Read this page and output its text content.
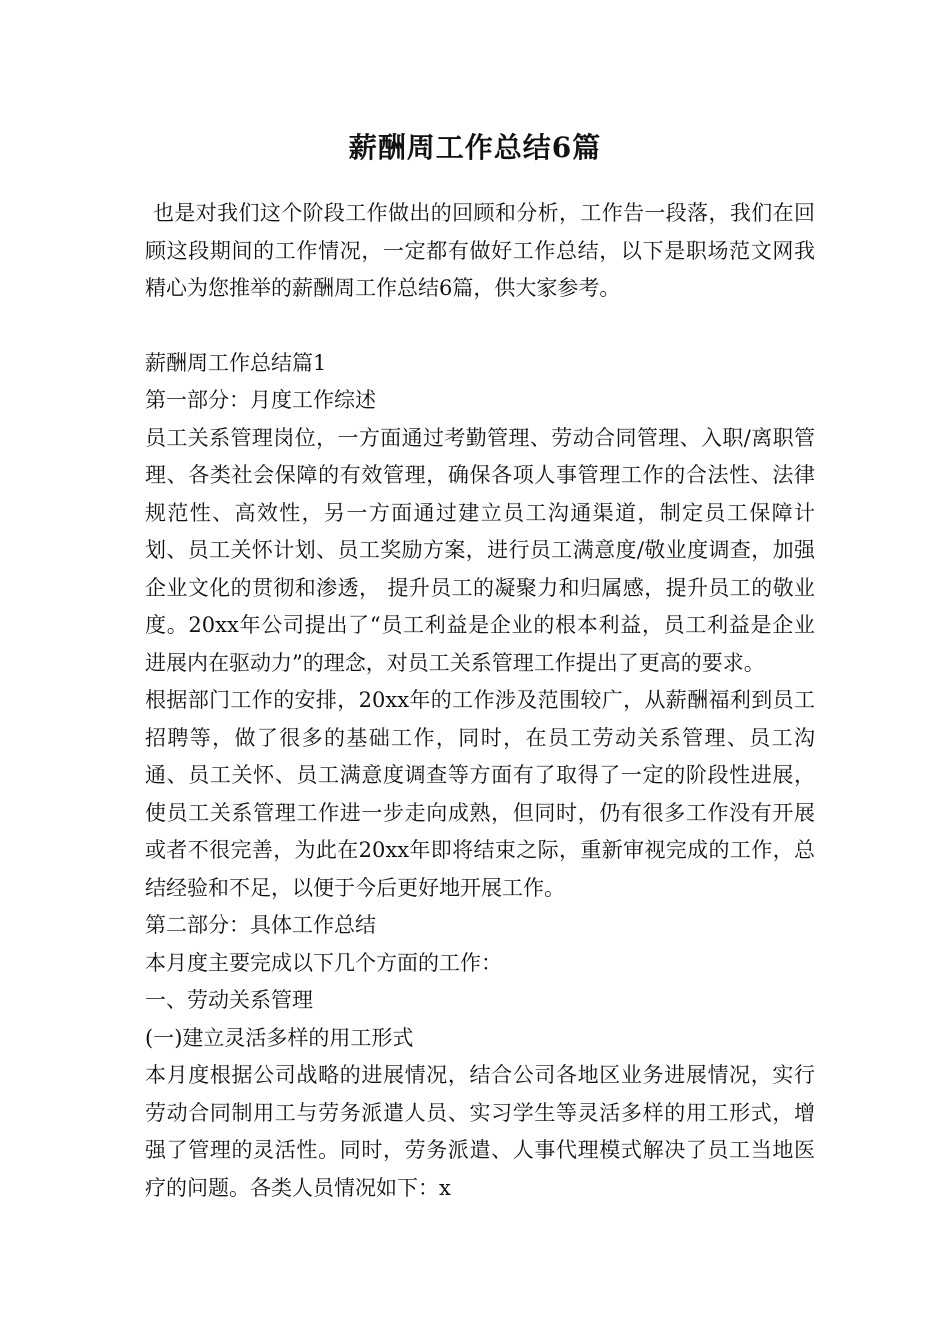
薪酬周工作总结6篇

也是对我们这个阶段工作做出的回顾和分析，工作告一段落，我们在回顾这段期间的工作情况，一定都有做好工作总结，以下是职场范文网我精心为您推举的薪酬周工作总结6篇，供大家参考。

薪酬周工作总结篇1

第一部分：月度工作综述

员工关系管理岗位，一方面通过考勤管理、劳动合同管理、入职/离职管理、各类社会保障的有效管理，确保各项人事管理工作的合法性、法律规范性、高效性，另一方面通过建立员工沟通渠道，制定员工保障计划、员工关怀计划、员工奖励方案，进行员工满意度/敬业度调查，加强企业文化的贯彻和渗透， 提升员工的凝聚力和归属感，提升员工的敬业度。20xx年公司提出了“员工利益是企业的根本利益，员工利益是企业进展内在驱动力”的理念，对员工关系管理工作提出了更高的要求。

根据部门工作的安排，20xx年的工作涉及范围较广，从薪酬福利到员工招聘等，做了很多的基础工作，同时，在员工劳动关系管理、员工沟通、员工关怀、员工满意度调查等方面有了取得了一定的阶段性进展，使员工关系管理工作进一步走向成熟，但同时，仍有很多工作没有开展或者不很完善，为此在20xx年即将结束之际，重新审视完成的工作，总结经验和不足，以便于今后更好地开展工作。

第二部分：具体工作总结

本月度主要完成以下几个方面的工作：

一、劳动关系管理

(一)建立灵活多样的用工形式

本月度根据公司战略的进展情况，结合公司各地区业务进展情况，实行劳动合同制用工与劳务派遣人员、实习学生等灵活多样的用工形式，增强了管理的灵活性。同时，劳务派遣、人事代理模式解决了员工当地医疗的问题。各类人员情况如下：x
